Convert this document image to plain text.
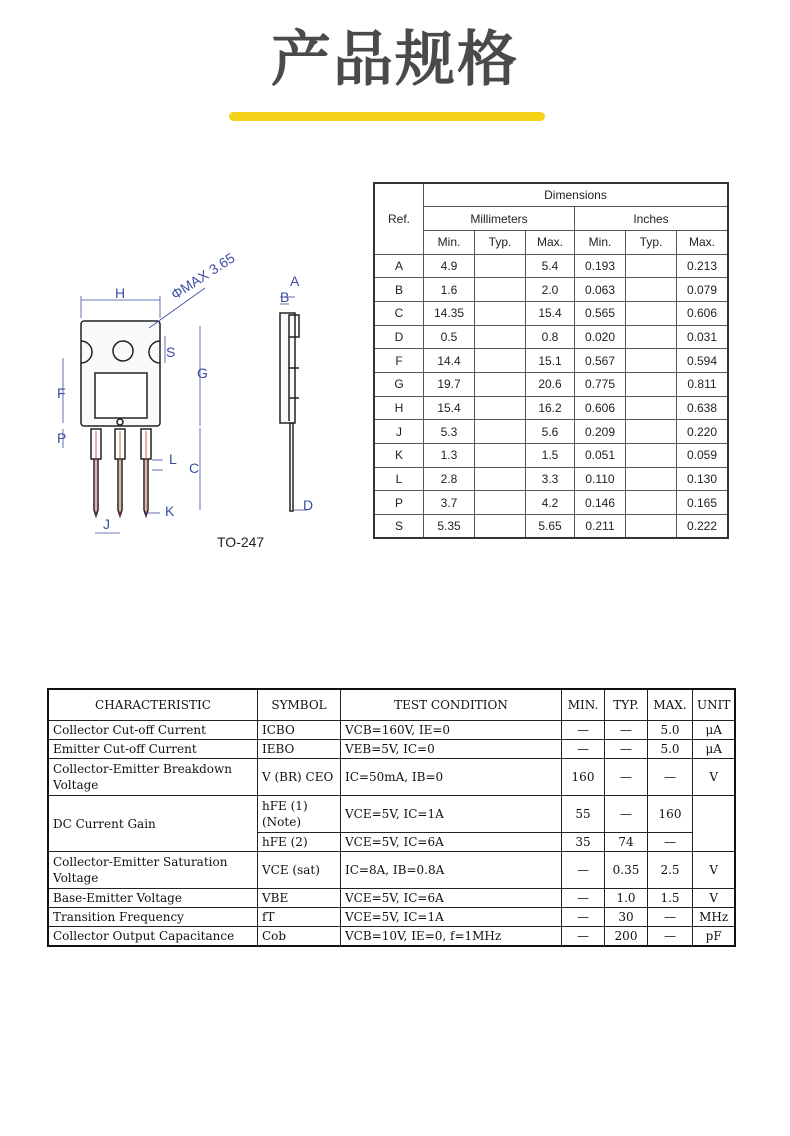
产品规格
H
A
B
S
G
F
P
L
C
J
K	D
ΦMAX 3.65
TO-247
Ref.	Dimensions					
	Millimeters			Inches		
	Min.	Typ.	Max.	Min.	Typ.	Max.
A	4.9		5.4	0.193		0.213
B	1.6		2.0	0.063		0.079
C	14.35		15.4	0.565		0.606
D	0.5		0.8	0.020		0.031
F	14.4		15.1	0.567		0.594
G	19.7		20.6	0.775		0.811
H	15.4		16.2	0.606		0.638
J	5.3		5.6	0.209		0.220
K	1.3		1.5	0.051		0.059
L	2.8		3.3	0.110		0.130
P	3.7		4.2	0.146		0.165
S	5.35		5.65	0.211		0.222
CHARACTERISTIC	SYMBOL	TEST CONDITION	MIN.	TYP.	MAX.	UNIT
Collector Cut-off Current	ICBO	VCB=160V, IE=0	—	—	5.0	μA
Emitter Cut-off Current	IEBO	VEB=5V, IC=0	—	—	5.0	μA
Collector-Emitter Breakdown Voltage	V (BR) CEO	IC=50mA, IB=0	160	—	—	V
DC Current Gain	hFE (1) (Note)	VCE=5V, IC=1A	55	—	160	
	hFE (2)	VCE=5V, IC=6A	35	74	—	
Collector-Emitter Saturation Voltage	VCE (sat)	IC=8A, IB=0.8A	—	0.35	2.5	V
Base-Emitter Voltage	VBE	VCE=5V, IC=6A	—	1.0	1.5	V
Transition Frequency	fT	VCE=5V, IC=1A	—	30	—	MHz
Collector Output Capacitance	Cob	VCB=10V, IE=0, f=1MHz	—	200	—	pF
